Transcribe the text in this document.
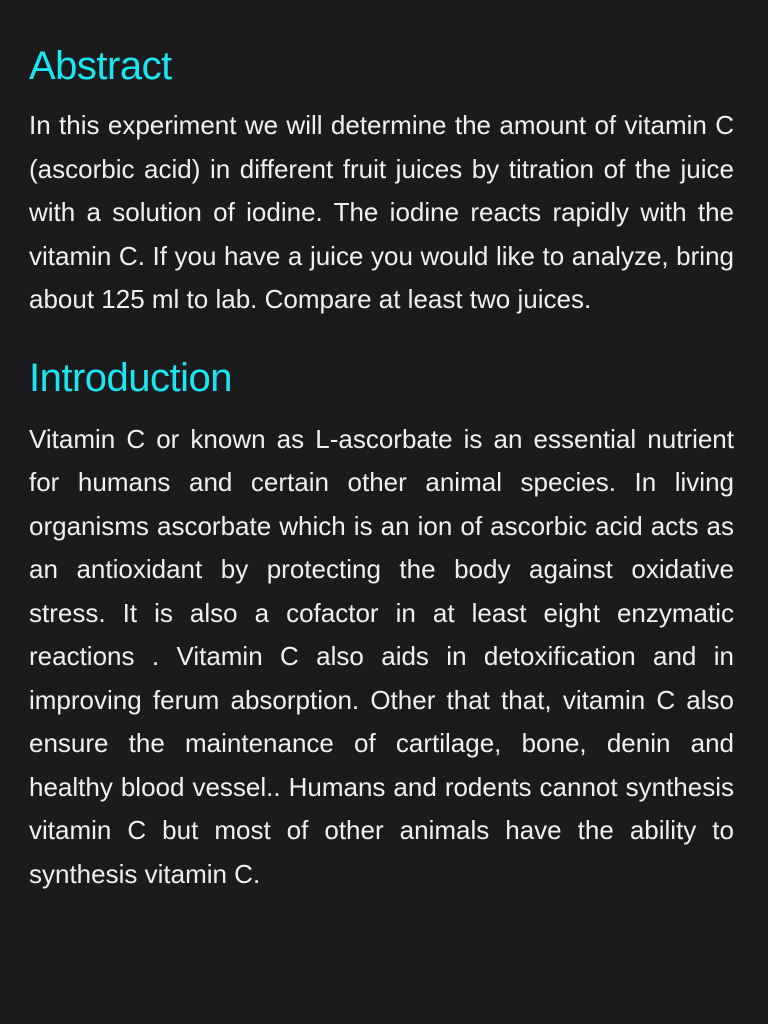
Abstract

In this experiment we will determine the amount of vitamin C (ascorbic acid) in different fruit juices by titration of the juice with a solution of iodine. The iodine reacts rapidly with the vitamin C. If you have a juice you would like to analyze, bring about 125 ml to lab. Compare at least two juices.

Introduction

Vitamin C or known as L-ascorbate is an essential nutrient for humans and certain other animal species. In living organisms ascorbate which is an ion of ascorbic acid acts as an antioxidant by protecting the body against oxidative stress. It is also a cofactor in at least eight enzymatic reactions . Vitamin C also aids in detoxification and in improving ferum absorption. Other that that, vitamin C also ensure the maintenance of cartilage, bone, denin and healthy blood vessel.. Humans and rodents cannot synthesis vitamin C but most of other animals have the ability to synthesis vitamin C.
